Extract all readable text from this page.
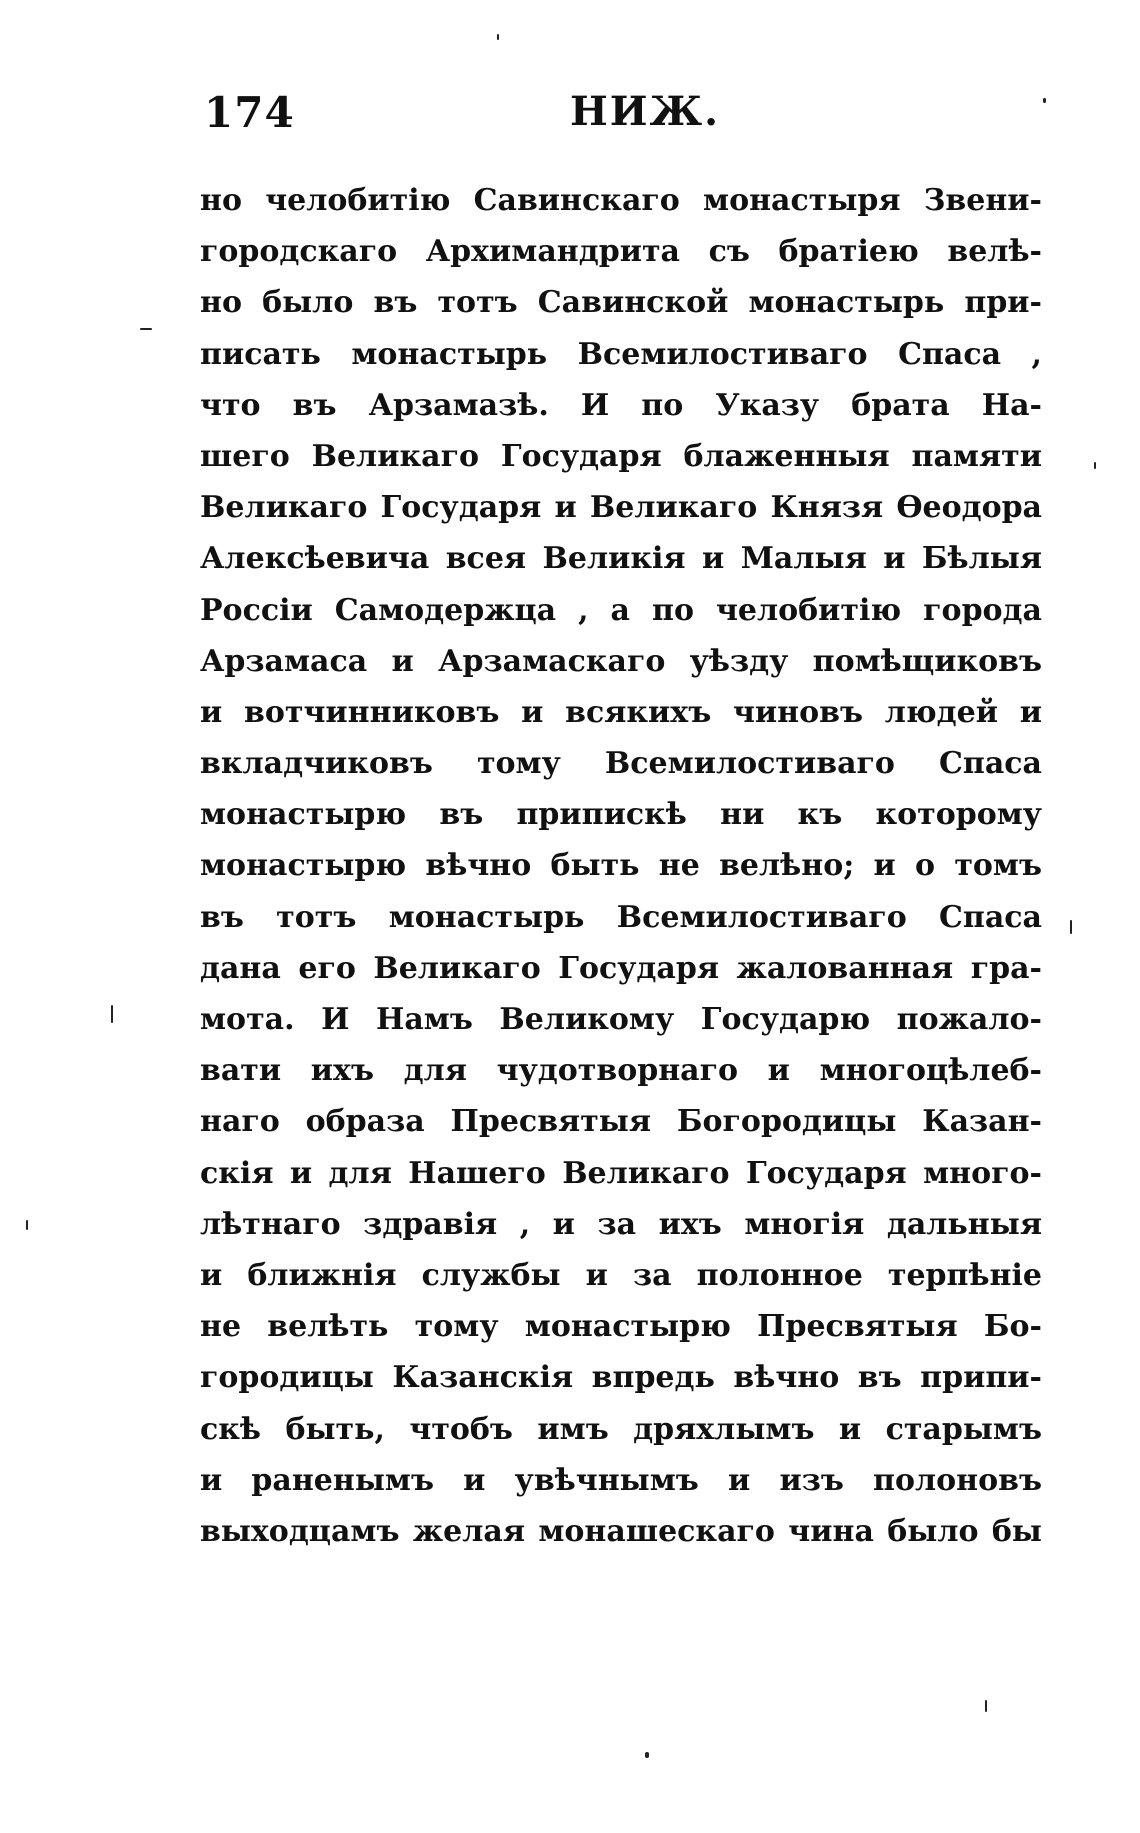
174	НИЖ.
но челобитію Савинскаго монастыря Звени-
городскаго Архимандрита съ братіею велѣ-
но было въ тотъ Савинской монастырь при-
писать монастырь Всемилостиваго Спаса ,
что въ Арзамазѣ. И по Указу брата На-
шего Великаго Государя блаженныя памяти
Великаго Государя и Великаго Князя Ѳеодора
Алексѣевича всея Великія и Малыя и Бѣлыя
Россіи Самодержца , а по челобитію города
Арзамаса и Арзамаскаго уѣзду помѣщиковъ
и вотчинниковъ и всякихъ чиновъ людей и
вкладчиковъ тому Всемилостиваго Спаса
монастырю въ припискѣ ни къ которому
монастырю вѣчно быть не велѣно; и о томъ
въ тотъ монастырь Всемилостиваго Спаса
дана его Великаго Государя жалованная гра-
мота. И Намъ Великому Государю пожало-
вати ихъ для чудотворнаго и многоцѣлеб-
наго образа Пресвятыя Богородицы Казан-
скія и для Нашего Великаго Государя много-
лѣтнаго здравія , и за ихъ многія дальныя
и ближнія службы и за полонное терпѣніе
не велѣть тому монастырю Пресвятыя Бо-
городицы Казанскія впредь вѣчно въ припи-
скѣ быть, чтобъ имъ дряхлымъ и старымъ
и раненымъ и увѣчнымъ и изъ полоновъ
выходцамъ желая монашескаго чина было бы
